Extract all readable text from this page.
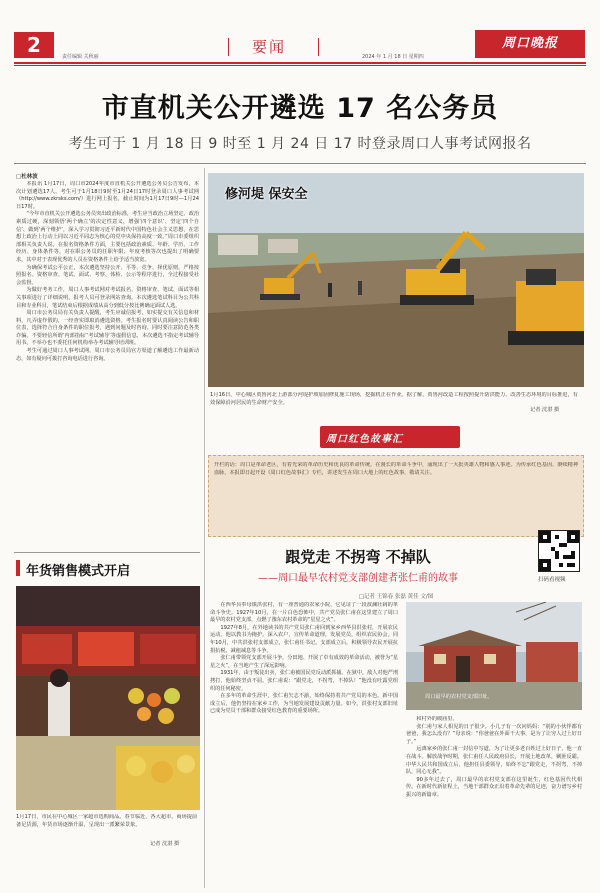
2	责任编辑 关秋丽
要闻
2024 年 1 月 18 日 星期四
周口晚报
市直机关公开遴选 17 名公务员
考生可于 1 月 18 日 9 时至 1 月 24 日 17 时登录周口人事考试网报名
□杜林波

本报讯 1月17日，周口市2024年度市直机关公开遴选公务员公告发布，本次计划遴选17人。考生可于1月18日9时至1月24日17时登录周口人事考试网（http://www.zkrsks.com/）进行网上报名，截止时间为1月17日9时—1月24日17时。

“今年市直机关公开遴选公务员突出政治标准，考生应当政治立场坚定、政治素质过硬，深刻领悟‘两个确立’的决定性意义，增强‘四个意识’、坚定‘四个自信’、做到‘两个维护’，深入学习贯彻习近平新时代中国特色社会主义思想，在思想上政治上行动上同以习近平同志为核心的党中央保持高度一致。”周口市委组织部相关负责人说，在报名资格条件方面，主要包括政治素质、年龄、学历、工作经历、身体条件等，对在职公务员的任职年限、年度考核等次也提出了明确要求，其中对于表现优秀的人员在资格条件上给予适当放宽。

为确保考试公平公正，本次遴选坚持公开、平等、竞争、择优原则，严格按照报名、资格审查、笔试、面试、考察、体检、公示等程序进行，全过程接受社会监督。

为做好考务工作，周口人事考试网对考试报名、资格审查、笔试、面试等相关事项进行了详细说明，报考人员可登录网站查询。本次遴选笔试科目为公共科目和专业科目，笔试结束后根据成绩从高分到低分按比例确定面试人选。

周口市公务员局有关负责人提醒，考生应诚信报考，如实提交有关信息和材料，凡弄虚作假的，一经查实即取消遴选资格。考生报名时要认真阅读公告和职位表，选择符合自身条件的职位报考，遇到问题及时咨询。同时要注意防范各类诈骗，不要轻信所谓‘内部指标’‘考试辅导’等虚假信息，本次遴选不指定考试辅导用书，不举办也不委托任何机构举办考试辅导培训班。

考生可通过周口人事考试网、周口市公务员局官方渠道了解遴选工作最新动态，如有疑问可拨打咨询电话进行咨询。

修河堤 保安全
1月16日，中心城区贾鲁河北上游部分河堤护坡加固修复施工现场，挖掘机正在作业。据了解，贾鲁河改造工程按照提升防洪能力、改善生态环境的目标推进，有效保障沿河居民的生命财产安全。
记者 沈湛 摄
周口红色故事汇
开栏的话：周口是革命老区，有着光荣的革命历史和优良的革命传统。在漫长的革命斗争中，涌现出了一大批英雄人物和感人事迹。为传承红色基因、赓续精神血脉，本报即日起开设《周口红色故事汇》专栏，讲述发生在周口大地上的红色故事，敬请关注。
跟党走 不拐弯 不掉队
——周口最早农村党支部创建者张仁甫的故事
□记者 王锦春 张磊 黄佳 文/图
扫码看视频

在西华县奉母镇洪张村，有一座普通的农家小院，它见证了一段波澜壮阔的革命斗争史。1927年10月，在一片白色恐怖中，共产党员张仁甫在这里建立了周口最早的农村党支部，点燃了豫东农村革命的“星星之火”。

1927年8月，在外地读书的共产党员张仁甫回到家乡西华县洪张村，开展农民运动。他以教书为掩护，深入农户，宣传革命道理，发展党员，组织农民协会。同年10月，中共洪张村支部成立，张仁甫任书记。支部成立后，积极领导农民开展抗捐抗税、减租减息等斗争。

张仁甫带领党支部开展斗争，分田地、开展了卓有成效的革命活动，被誉为“星星之火”，在当地产生了深远影响。

1931年，由于叛徒出卖，张仁甫被国民党反动派抓捕。在狱中，敌人对他严刑拷打，他始终坚贞不屈。张仁甫说：“跟党走，不拐弯，不掉队！”他没有吐露党组织的任何秘密。

在多年的革命生涯中，张仁甫矢志不渝，始终保持着共产党员的本色。新中国成立后，他仍坚持在家乡工作，为当地发展建设贡献力量。如今，洪张村支部旧址已成为党员干部和群众接受红色教育的重要场所。

周口最早的农村党支部旧址。

和村外的破庙里。

张仁甫与家人相见的日子很少。小儿子有一次问妈妈：“别的小伙伴都有爸爸，我怎么没有？”母亲说：“你爸爸在外面干大事，是为了让穷人过上好日子。”

远离家乡的张仁甫一封信中写道，为了让更多老百姓过上好日子，他一直在战斗。解放战争时期，张仁甫任人民政府县长，开展土地改革，剿匪反霸。中华人民共和国成立后，他担任县委领导，始终不忘“跟党走，不拐弯，不掉队，同心无我”。

90多年过去了，周口最早的农村党支部在这里诞生，红色基因代代相传。在新时代新征程上，当地干部群众正沿着革命先辈的足迹，奋力谱写乡村振兴的新篇章。

年货销售模式开启
1月17日，市民在中心城区一家超市选购商品。春节临近，各大超市、商场提前备足货源，年货市场逐渐升温，呈现出一派繁荣景象。
记者 沈湛 摄
